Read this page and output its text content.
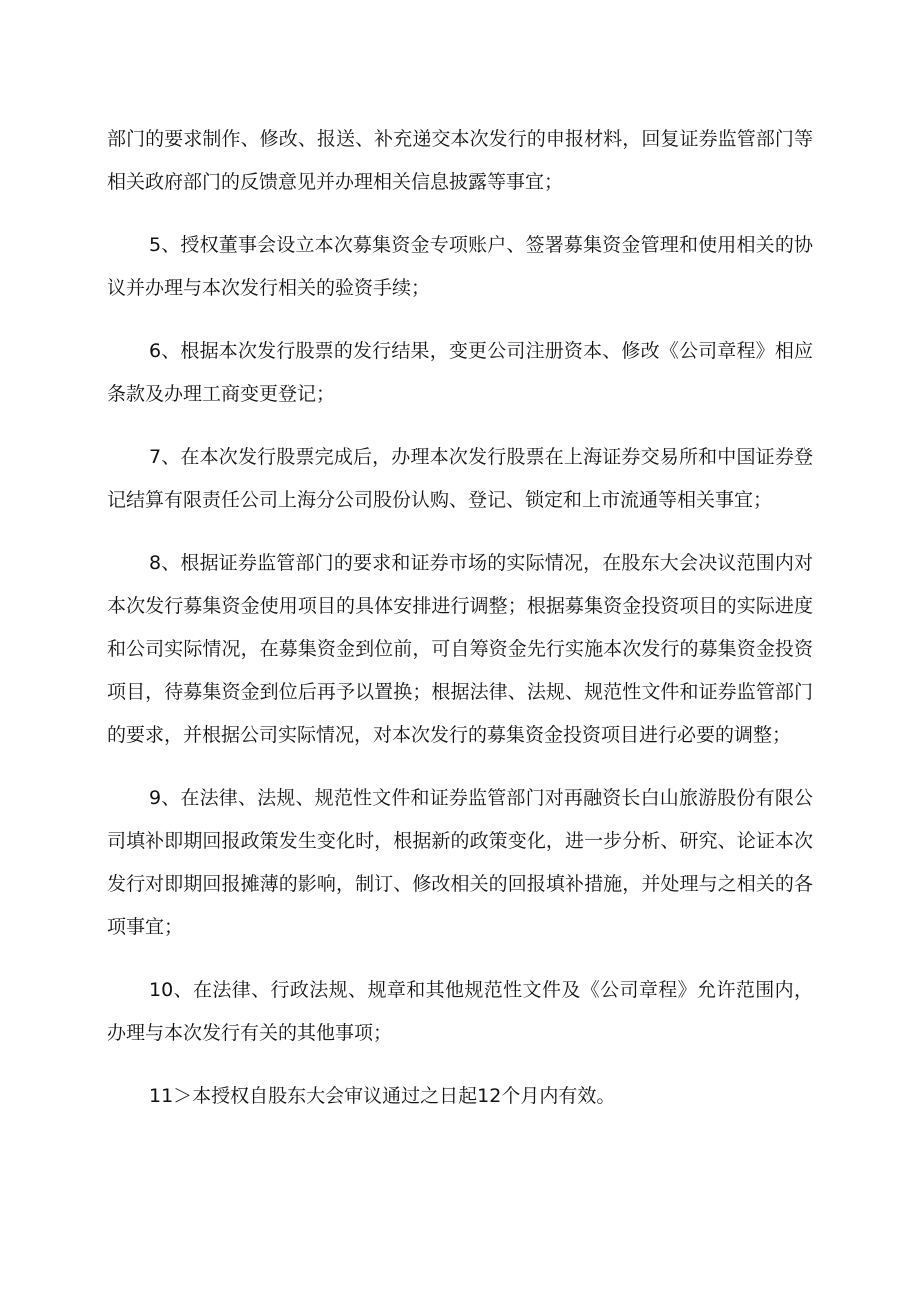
部门的要求制作、修改、报送、补充递交本次发行的申报材料，回复证券监管部门等相关政府部门的反馈意见并办理相关信息披露等事宜；

5、授权董事会设立本次募集资金专项账户、签署募集资金管理和使用相关的协议并办理与本次发行相关的验资手续；

6、根据本次发行股票的发行结果，变更公司注册资本、修改《公司章程》相应条款及办理工商变更登记；

7、在本次发行股票完成后，办理本次发行股票在上海证券交易所和中国证券登记结算有限责任公司上海分公司股份认购、登记、锁定和上市流通等相关事宜；

8、根据证券监管部门的要求和证券市场的实际情况，在股东大会决议范围内对本次发行募集资金使用项目的具体安排进行调整；根据募集资金投资项目的实际进度和公司实际情况，在募集资金到位前，可自筹资金先行实施本次发行的募集资金投资项目，待募集资金到位后再予以置换；根据法律、法规、规范性文件和证券监管部门的要求，并根据公司实际情况，对本次发行的募集资金投资项目进行必要的调整；

9、在法律、法规、规范性文件和证券监管部门对再融资长白山旅游股份有限公司填补即期回报政策发生变化时，根据新的政策变化，进一步分析、研究、论证本次发行对即期回报摊薄的影响，制订、修改相关的回报填补措施，并处理与之相关的各项事宜；

10、在法律、行政法规、规章和其他规范性文件及《公司章程》允许范围内，办理与本次发行有关的其他事项；

11＞本授权自股东大会审议通过之日起12个月内有效。
